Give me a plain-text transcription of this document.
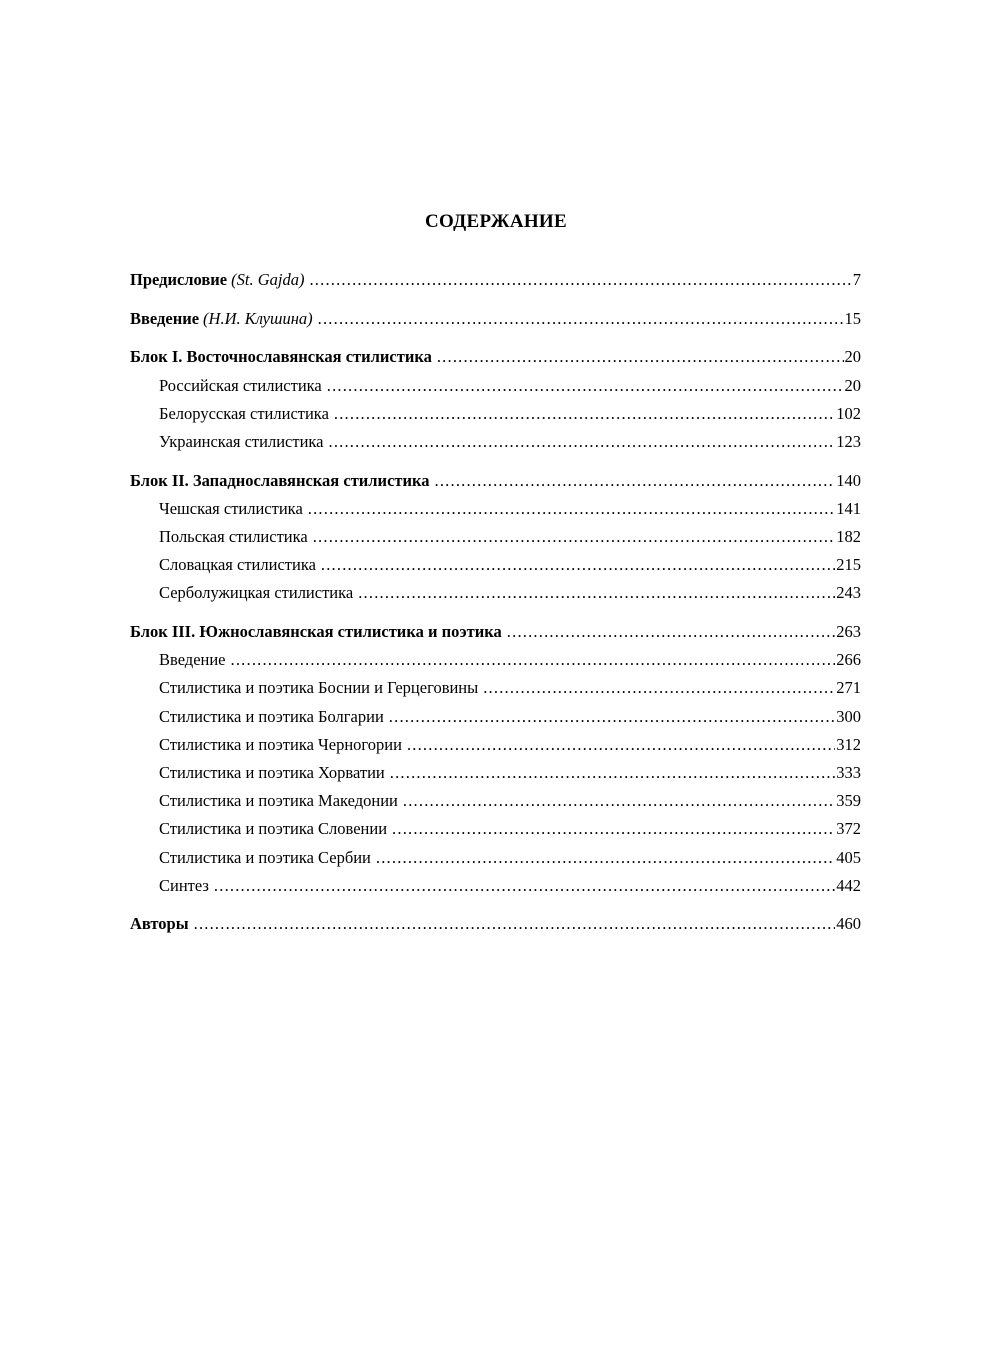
СОДЕРЖАНИЕ
Предисловие (St. Gajda) .....	7
Введение (Н.И. Клушина) .....	15
Блок I. Восточнославянская стилистика .....	20
Российская стилистика .....	20
Белорусская стилистика .....	102
Украинская стилистика .....	123
Блок II. Западнославянская стилистика .....	140
Чешская стилистика .....	141
Польская стилистика .....	182
Словацкая стилистика .....	215
Серболужицкая стилистика .....	243
Блок III. Южнославянская стилистика и поэтика .....	263
Введение .....	266
Стилистика и поэтика Боснии и Герцеговины .....	271
Стилистика и поэтика Болгарии .....	300
Стилистика и поэтика Черногории .....	312
Стилистика и поэтика Хорватии .....	333
Стилистика и поэтика Македонии .....	359
Стилистика и поэтика Словении .....	372
Стилистика и поэтика Сербии .....	405
Синтез .....	442
Авторы .....	460
